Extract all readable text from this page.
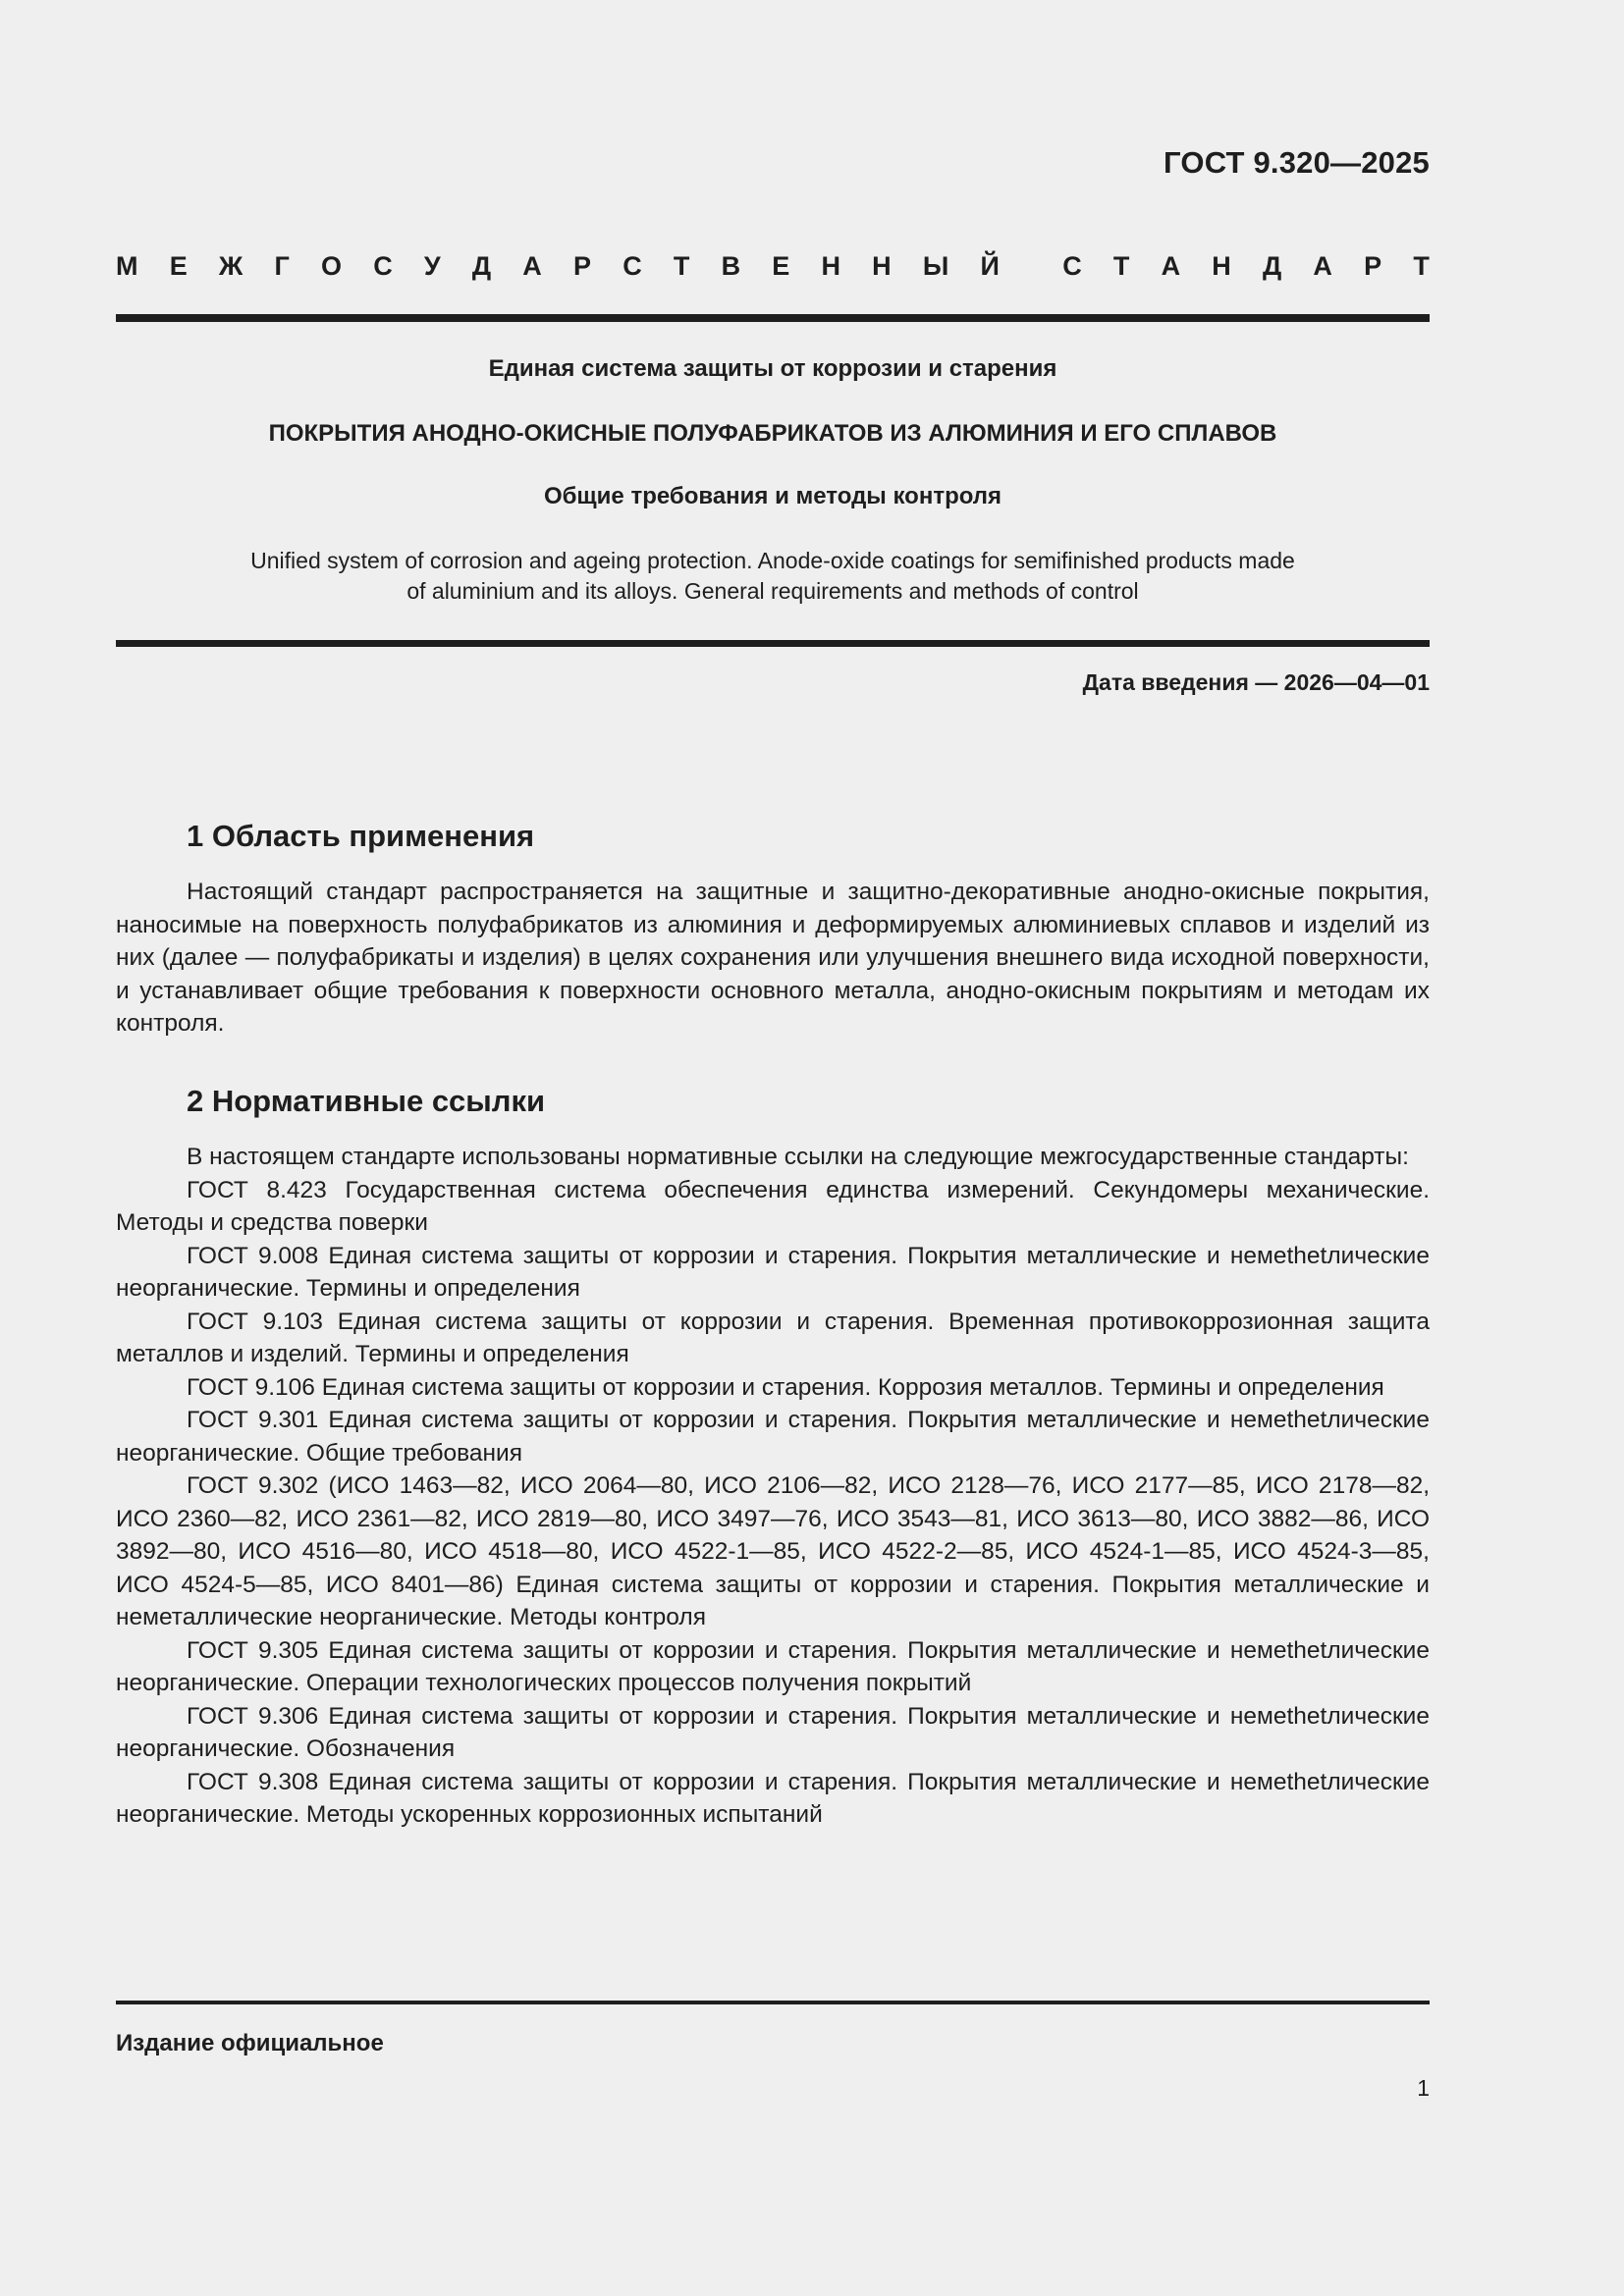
ГОСТ 9.320—2025
М Е Ж Г О С У Д А Р С Т В Е Н Н Ы Й С Т А Н Д А Р Т
Единая система защиты от коррозии и старения
ПОКРЫТИЯ АНОДНО-ОКИСНЫЕ ПОЛУФАБРИКАТОВ ИЗ АЛЮМИНИЯ И ЕГО СПЛАВОВ
Общие требования и методы контроля
Unified system of corrosion and ageing protection. Anode-oxide coatings for semifinished products made
of aluminium and its alloys. General requirements and methods of control
Дата введения — 2026—04—01
1 Область применения

Настоящий стандарт распространяется на защитные и защитно-декоративные анодно-окисные покрытия, наносимые на поверхность полуфабрикатов из алюминия и деформируемых алюминиевых сплавов и изделий из них (далее — полуфабрикаты и изделия) в целях сохранения или улучшения внешнего вида исходной поверхности, и устанавливает общие требования к поверхности основного металла, анодно-окисным покрытиям и методам их контроля.

2 Нормативные ссылки

В настоящем стандарте использованы нормативные ссылки на следующие межгосударственные стандарты:

ГОСТ 8.423 Государственная система обеспечения единства измерений. Секундомеры механические. Методы и средства поверки

ГОСТ 9.008 Единая система защиты от коррозии и старения. Покрытия металлические и немethetлические неорганические. Термины и определения

ГОСТ 9.103 Единая система защиты от коррозии и старения. Временная противокоррозионная защита металлов и изделий. Термины и определения

ГОСТ 9.106 Единая система защиты от коррозии и старения. Коррозия металлов. Термины и определения

ГОСТ 9.301 Единая система защиты от коррозии и старения. Покрытия металлические и немethetлические неорганические. Общие требования

ГОСТ 9.302 (ИСО 1463—82, ИСО 2064—80, ИСО 2106—82, ИСО 2128—76, ИСО 2177—85, ИСО 2178—82, ИСО 2360—82, ИСО 2361—82, ИСО 2819—80, ИСО 3497—76, ИСО 3543—81, ИСО 3613—80, ИСО 3882—86, ИСО 3892—80, ИСО 4516—80, ИСО 4518—80, ИСО 4522-1—85, ИСО 4522-2—85, ИСО 4524-1—85, ИСО 4524-3—85, ИСО 4524-5—85, ИСО 8401—86) Единая система защиты от коррозии и старения. Покрытия металлические и неметаллические неорганические. Методы контроля

ГОСТ 9.305 Единая система защиты от коррозии и старения. Покрытия металлические и немethetлические неорганические. Операции технологических процессов получения покрытий

ГОСТ 9.306 Единая система защиты от коррозии и старения. Покрытия металлические и немethetлические неорганические. Обозначения

ГОСТ 9.308 Единая система защиты от коррозии и старения. Покрытия металлические и немethetлические неорганические. Методы ускоренных коррозионных испытаний

Издание официальное
1
